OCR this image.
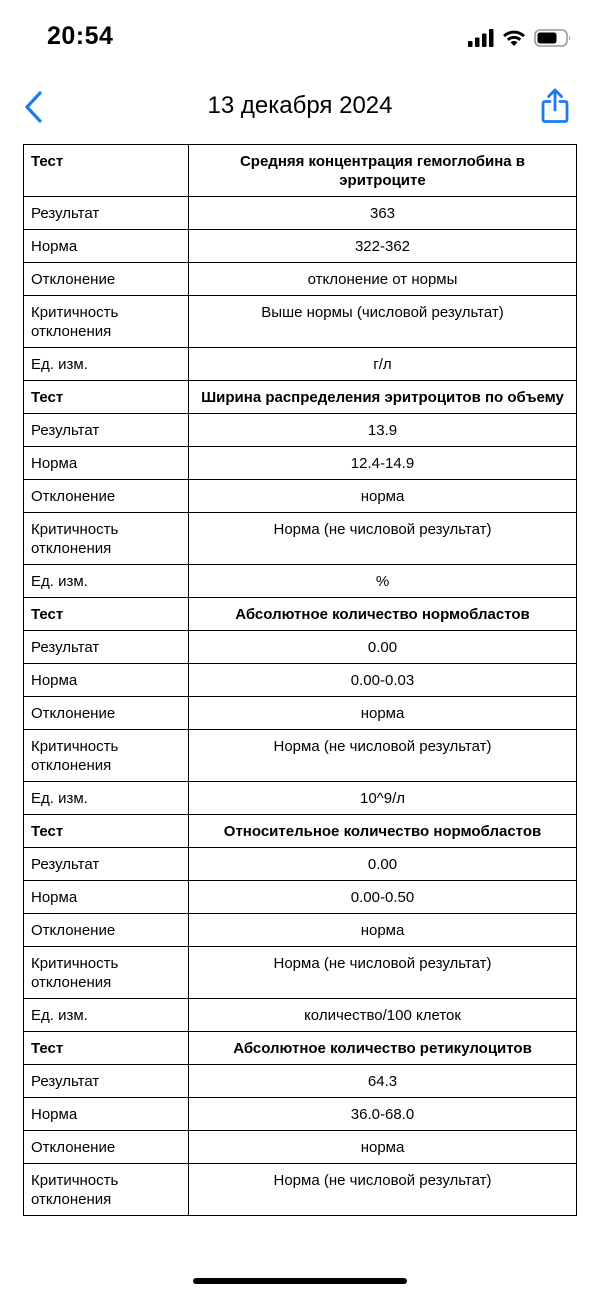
20:54
13 декабря 2024
Тест	Средняя концентрация гемоглобина в эритроците
Результат	363
Норма	322-362
Отклонение	отклонение от нормы
Критичность отклонения	Выше нормы (числовой результат)
Ед. изм.	г/л
Тест	Ширина распределения эритроцитов по объему
Результат	13.9
Норма	12.4-14.9
Отклонение	норма
Критичность отклонения	Норма (не числовой результат)
Ед. изм.	%
Тест	Абсолютное количество нормобластов
Результат	0.00
Норма	0.00-0.03
Отклонение	норма
Критичность отклонения	Норма (не числовой результат)
Ед. изм.	10^9/л
Тест	Относительное количество нормобластов
Результат	0.00
Норма	0.00-0.50
Отклонение	норма
Критичность отклонения	Норма (не числовой результат)
Ед. изм.	количество/100 клеток
Тест	Абсолютное количество ретикулоцитов
Результат	64.3
Норма	36.0-68.0
Отклонение	норма
Критичность отклонения	Норма (не числовой результат)
